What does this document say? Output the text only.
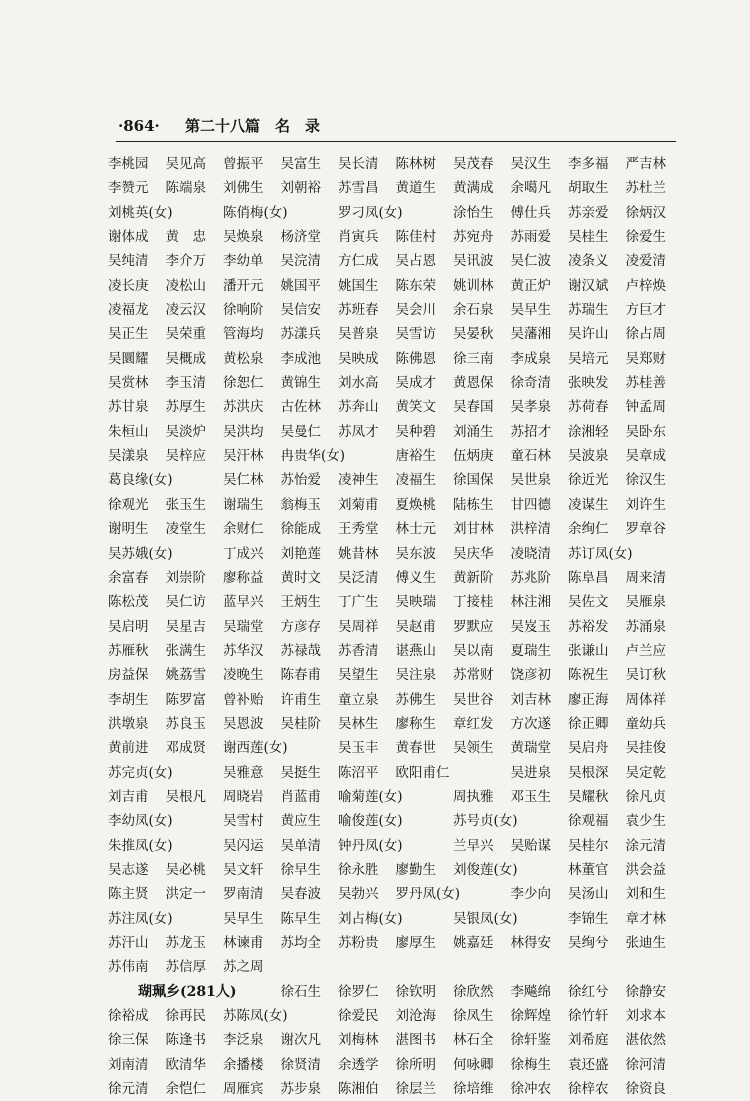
·864· 第二十八篇　名　录
李桃园 吴见高 曾振平 吴富生 吴长清 陈林树 吴茂春 吴汉生 李多福 严吉林
李赞元 陈端泉 刘佛生 刘朝裕 苏雪昌 黄道生 黄满成 余噶凡 胡取生 苏杜兰
刘桃英(女)	陈俏梅(女)	罗刁凤(女)	涂怡生 傅仕兵 苏亲爱 徐炳汉
谢体成 黄　忠 吴焕泉 杨济堂 肖寅兵 陈佳村 苏宛舟 苏雨爱 吴桂生 徐爱生
吴纯清 李介万 李幼单 吴浣清 方仁成 吴占恩 吴讯波 吴仁波 凌条义 凌爱清
凌长庚 凌松山 潘开元 姚国平 姚国生 陈东荣 姚训林 黄正炉 谢汉斌 卢梓焕
凌福龙 凌云汉 徐响阶 吴信安 苏班春 吴会川 余石泉 吴早生 苏瑞生 方巨才
吴正生 吴荣重 管海均 苏漾兵 吴普泉 吴雪访 吴晏秋 吴藩湘 吴许山 徐占周
吴圜耀 吴概成 黄松泉 李成池 吴映成 陈佛恩 徐三南 李成泉 吴培元 吴郑财
吴赏林 李玉清 徐恕仁 黄锦生 刘水高 吴成才 黄恩保 徐奇清 张映发 苏桂善
苏甘泉 苏厚生 苏洪庆 古佐林 苏奔山 黄笑文 吴春国 吴孝泉 苏荷春 钟孟周
朱桓山 吴淡炉 吴洪均 吴曼仁 苏凤才 吴种碧 刘涌生 苏招才 涂湘轻 吴卧东
吴漾泉 吴梓应 吴汗林 冉贵华(女)	唐裕生 伍炳庚 童石林 吴波泉 吴章成
葛良缘(女)	吴仁林 苏怡爱 凌神生 凌福生 徐国保 吴世泉 徐近光 徐汉生
徐观光 张玉生 谢瑞生 翁梅玉 刘菊甫 夏焕桃 陆栋生 甘四德 凌谋生 刘许生
谢明生 凌堂生 余财仁 徐能成 王秀堂 林士元 刘甘林 洪梓清 余绚仁 罗章谷
吴苏娥(女)	丁成兴 刘艳莲 姚昔林 吴东波 吴庆华 凌晓清 苏订凤(女)
余富春 刘崇阶 廖称益 黄时文 吴泛清 傅义生 黄新阶 苏兆阶 陈阜昌 周来清
陈松茂 吴仁访 蓝早兴 王炳生 丁广生 吴映瑞 丁接桂 林注湘 吴佐文 吴雁泉
吴启明 吴星吉 吴瑞堂 方彦存 吴周祥 吴赵甫 罗默应 吴岌玉 苏裕发 苏涌泉
苏雁秋 张满生 苏华汉 苏禄哉 苏香清 谌燕山 吴以南 夏瑞生 张谦山 卢兰应
房益保 姚荔雪 凌晚生 陈春甫 吴望生 吴注泉 苏常财 饶彦初 陈祝生 吴订秋
李胡生 陈罗富 曾补贻 许甫生 童立泉 苏佛生 吴世谷 刘吉林 廖正海 周体祥
洪墩泉 苏良玉 吴恩波 吴桂阶 吴林生 廖称生 章红发 方次遂 徐正卿 童幼兵
黄前进 邓成贤 谢西莲(女)	吴玉丰 黄春世 吴领生 黄瑞堂 吴启舟 吴挂俊
苏完贞(女)	吴雅意 吴挺生 陈沼平 欧阳甫仁	吴进泉 吴根深 吴定乾
刘吉甫 吴根凡 周晓岩 肖蓝甫 喻菊莲(女)	周执雅 邓玉生 吴耀秋 徐凡贞
李幼凤(女)	吴雪村 黄应生 喻俊莲(女)	苏号贞(女)	徐观福 袁少生
朱推凤(女)	吴闪运 吴单清 钟丹凤(女)	兰早兴 吴贻谋 吴桂尔 涂元清
吴志遂 吴必桃 吴文轩 徐早生 徐永胜 廖勤生 刘俊莲(女)	林董官 洪会益
陈主贤 洪定一 罗南清 吴春波 吴勃兴 罗丹凤(女)	李少向 吴汤山 刘和生
苏注凤(女)	吴早生 陈早生 刘占梅(女)	吴银凤(女)	李锦生 章才林
苏汗山 苏龙玉 林谏甫 苏均全 苏粉贵 廖厚生 姚嘉廷 林得安 吴绚兮 张迪生
苏伟南 苏信厚 苏之周
瑚珮乡(281人)	徐石生 徐罗仁 徐钦明 徐欣然 李飚绵 徐红兮 徐静安
徐裕成 徐再民 苏陈凤(女)	徐爱民 刘沧海 徐凤生 徐辉煌 徐竹轩 刘求本
徐三保 陈逢书 李泛泉 谢次凡 刘梅林 湛图书 林石全 徐轩鉴 刘希庭 湛依然
刘南清 欧清华 余播楼 徐贤清 余透学 徐所明 何咏卿 徐梅生 袁还盛 徐河清
徐元清 余恺仁 周雁宾 苏步泉 陈湘伯 徐层兰 徐培维 徐冲农 徐梓农 徐资良
